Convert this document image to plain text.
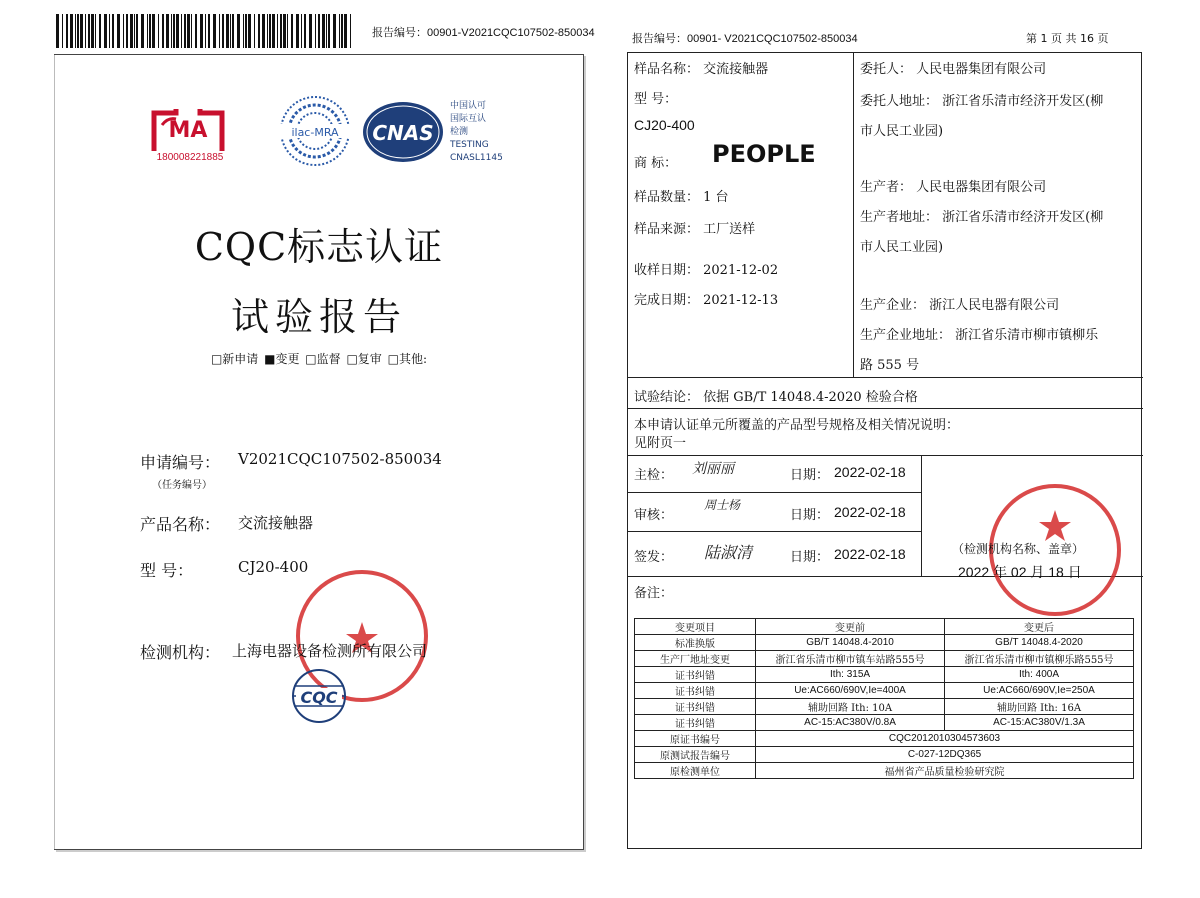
报告编号：00901-V2021CQC107502-850034
MA
180008221885
ilac-MRA CNAS
中国认可
国际互认
检测
TESTING
CNASL1145
CQC标志认证
试验报告
□新申请 ■变更 □监督 □复审 □其他:
申请编号： V2021CQC107502-850034
（任务编号）
产品名称： 交流接触器
型 号：	CJ20-400
检测机构： 上海电器设备检测所有限公司
CQC
报告编号：00901- V2021CQC107502-850034	第 1 页 共 16 页
样品名称： 交流接触器
型 号：
CJ20-400
商 标： PEOPLE
样品数量： 1 台
样品来源： 工厂送样
收样日期： 2021-12-02
完成日期： 2021-12-13
委托人： 人民电器集团有限公司
委托人地址： 浙江省乐清市经济开发区(柳
市人民工业园)
生产者： 人民电器集团有限公司
生产者地址： 浙江省乐清市经济开发区(柳
市人民工业园)
生产企业： 浙江人民电器有限公司
生产企业地址： 浙江省乐清市柳市镇柳乐
路 555 号
试验结论： 依据 GB/T 14048.4-2020 检验合格
本申请认证单元所覆盖的产品型号规格及相关情况说明：
见附页一
主检： 刘丽丽	日期： 2022-02-18
审核：
周士杨
日期： 2022-02-18
签发： 陆淑清	日期： 2022-02-18	（检测机构名称、盖章）
2022 年 02 月 18 日
备注：
变更项目	变更前	变更后
标准换版	GB/T 14048.4-2010	GB/T 14048.4-2020
生产厂地址变更	浙江省乐清市柳市镇车站路555号	浙江省乐清市柳市镇柳乐路555号
证书纠错	Ith: 315A	Ith: 400A
证书纠错	Ue:AC660/690V,Ie=400A	Ue:AC660/690V,Ie=250A
证书纠错	辅助回路 Ith: 10A	辅助回路 Ith: 16A
证书纠错	AC-15:AC380V/0.8A	AC-15:AC380V/1.3A
原证书编号	CQC2012010304573603	
原测试报告编号	C-027-12DQ365	
原检测单位	福州省产品质量检验研究院	
